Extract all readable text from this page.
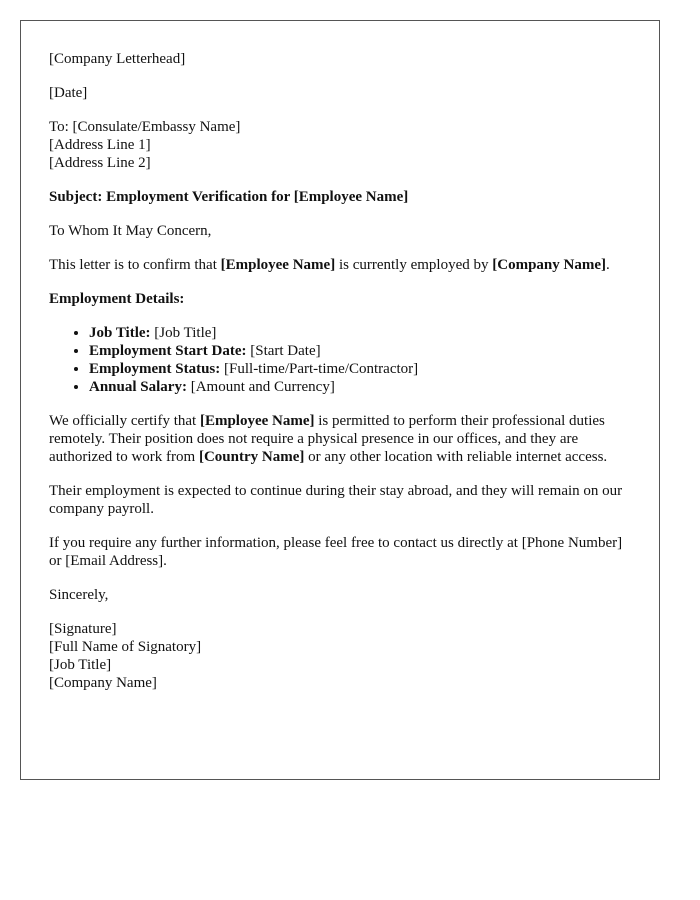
[Company Letterhead]

[Date]

To: [Consulate/Embassy Name]

[Address Line 1]

[Address Line 2]

Subject: Employment Verification for [Employee Name]

To Whom It May Concern,

This letter is to confirm that [Employee Name] is currently employed by [Company Name].

Employment Details:

• Job Title: [Job Title]
• Employment Start Date: [Start Date]
• Employment Status: [Full-time/Part-time/Contractor]
• Annual Salary: [Amount and Currency]

We officially certify that [Employee Name] is permitted to perform their professional duties remotely. Their position does not require a physical presence in our offices, and they are authorized to work from [Country Name] or any other location with reliable internet access.

Their employment is expected to continue during their stay abroad, and they will remain on our company payroll.

If you require any further information, please feel free to contact us directly at [Phone Number] or [Email Address].

Sincerely,

[Signature]

[Full Name of Signatory]

[Job Title]

[Company Name]
